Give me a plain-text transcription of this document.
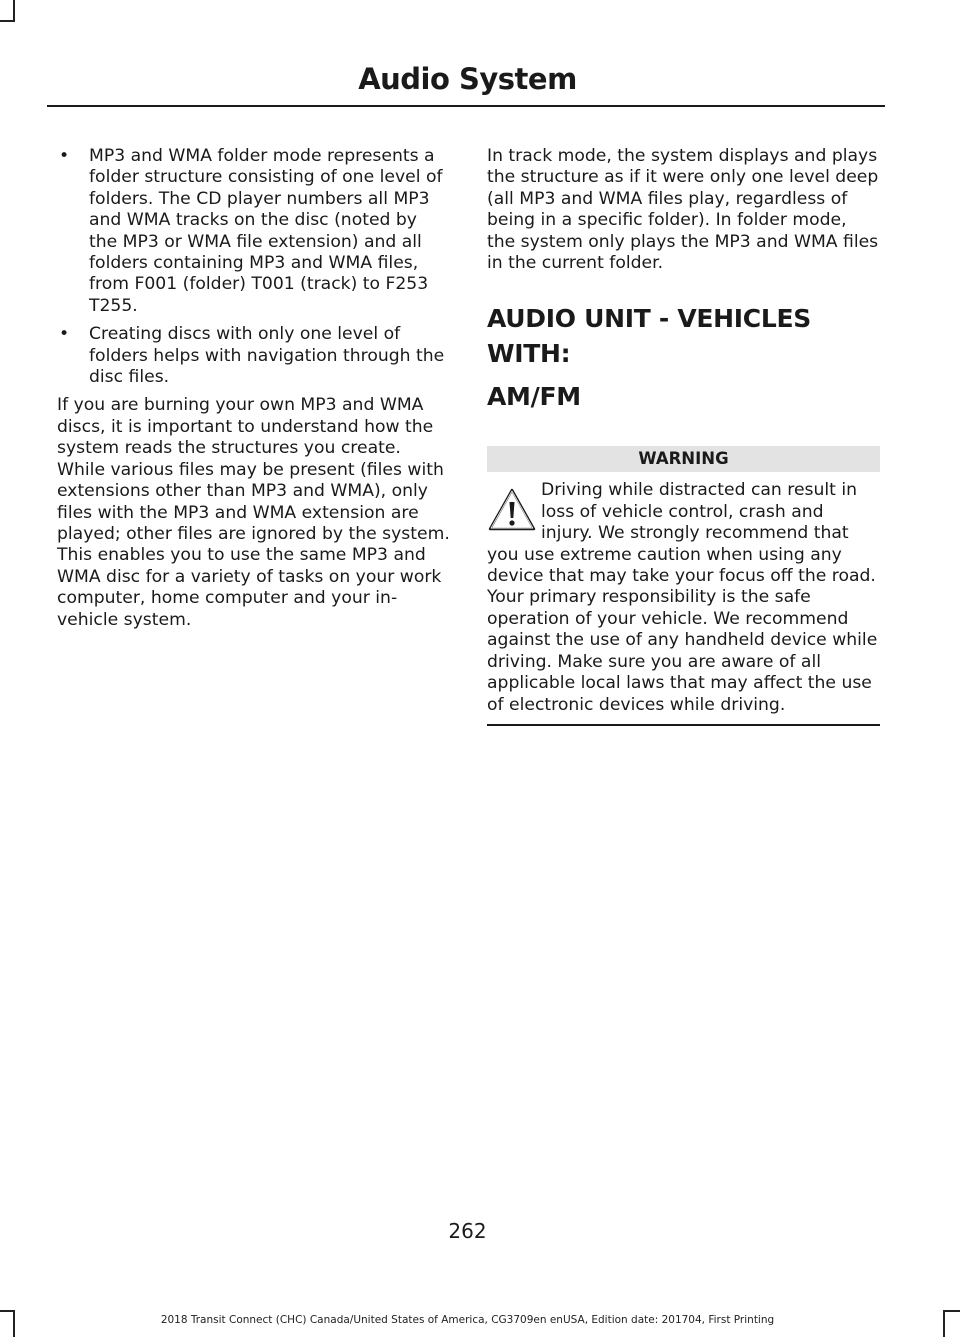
Audio System
• MP3 and WMA folder mode represents a folder structure consisting of one level of folders. The CD player numbers all MP3 and WMA tracks on the disc (noted by the MP3 or WMA file extension) and all folders containing MP3 and WMA files, from F001 (folder) T001 (track) to F253 T255.
• Creating discs with only one level of folders helps with navigation through the disc files.

If you are burning your own MP3 and WMA discs, it is important to understand how the system reads the structures you create. While various files may be present (files with extensions other than MP3 and WMA), only files with the MP3 and WMA extension are played; other files are ignored by the system. This enables you to use the same MP3 and WMA disc for a variety of tasks on your work computer, home computer and your in-vehicle system.

In track mode, the system displays and plays the structure as if it were only one level deep (all MP3 and WMA files play, regardless of being in a specific folder). In folder mode, the system only plays the MP3 and WMA files in the current folder.

AUDIO UNIT - VEHICLES WITH:
AM/FM
WARNING
Driving while distracted can result in loss of vehicle control, crash and injury. We strongly recommend that you use extreme caution when using any device that may take your focus off the road. Your primary responsibility is the safe operation of your vehicle. We recommend against the use of any handheld device while driving. Make sure you are aware of all applicable local laws that may affect the use of electronic devices while driving.
262
2018 Transit Connect (CHC) Canada/United States of America, CG3709en enUSA, Edition date: 201704, First Printing
